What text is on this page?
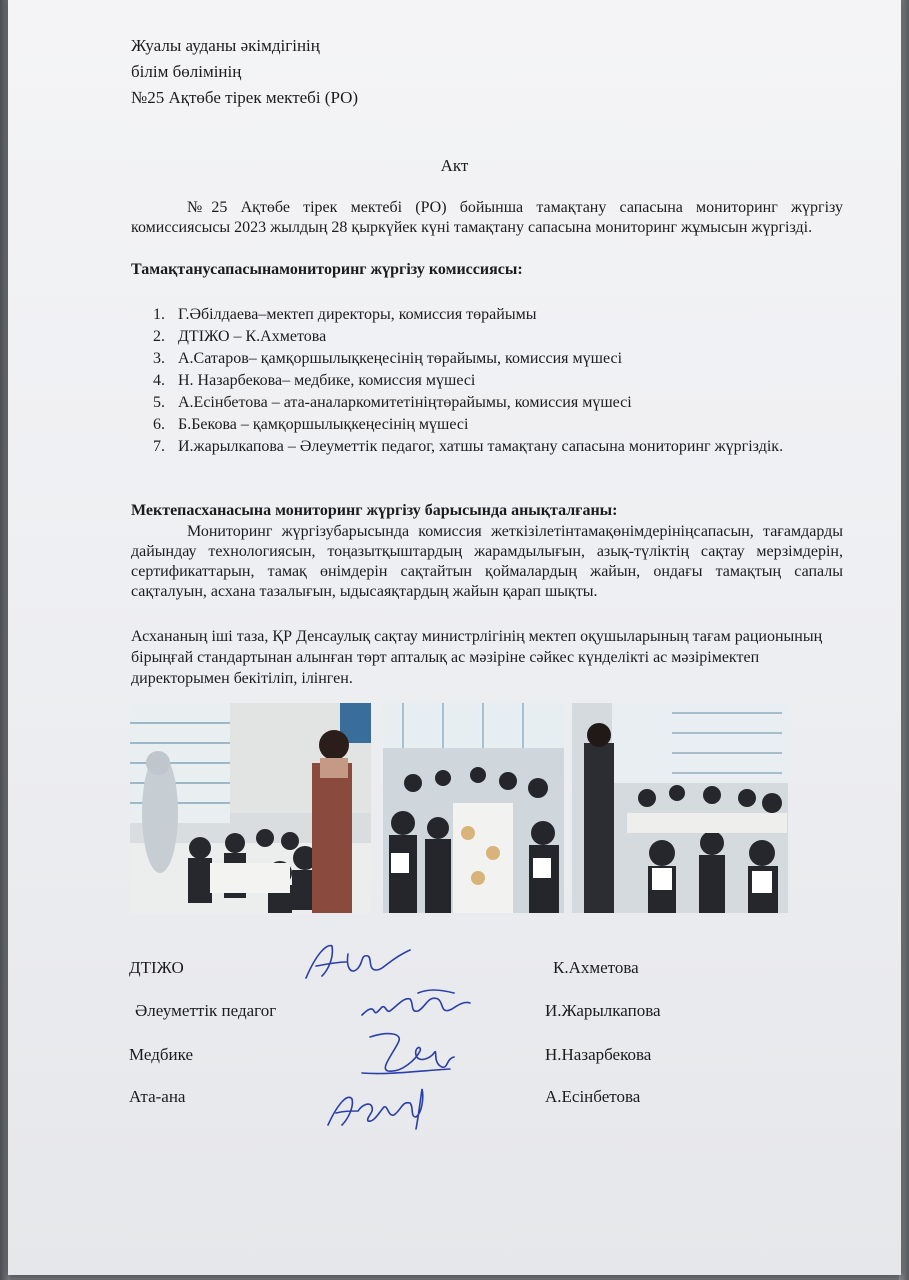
Жуалы ауданы әкімдігінің
білім бөлімінің
№25 Ақтөбе тірек мектебі (РО)
Акт
№25 Ақтөбе тірек мектебі (РО) бойынша тамақтану сапасына мониторинг жүргізу комиссиясысы 2023 жылдың 28 қыркүйек күні тамақтану сапасына мониторинг жұмысын жүргізді.
Тамақтанусапасынамониторинг жүргізу комиссиясы:
1. Г.Әбілдаева–мектеп директоры, комиссия төрайымы
2. ДТІЖО – К.Ахметова
3. А.Сатаров– қамқоршылықкеңесінің төрайымы, комиссия мүшесі
4. Н. Назарбекова– медбике, комиссия мүшесі
5. А.Есінбетова – ата-аналаркомитетініңтөрайымы, комиссия мүшесі
6. Б.Бекова – қамқоршылықкеңесінің мүшесі
7. И.жарылкапова – Әлеуметтік педагог, хатшы тамақтану сапасына мониторинг жүргіздік.
Мектепасханасына мониторинг жүргізу барысында анықталғаны:
Мониторинг жүргізубарысында комиссия жеткізілетінтамақөнімдерініңсапасын, тағамдарды дайындау технологиясын, тоңазытқыштардың жарамдылығын, азық-түліктің сақтау мерзімдерін, сертификаттарын, тамақ өнімдерін сақтайтын қоймалардың жайын, ондағы тамақтың сапалы сақталуын, асхана тазалығын, ыдысаяқтардың жайын қарап шықты.
Асхананың іші таза, ҚР Денсаулық сақтау министрлігінің мектеп оқушыларының тағам рационының бірыңғай стандартынан алынған төрт апталық ас мәзіріне сәйкес күнделікті ас мәзірімектеп директорымен бекітіліп, ілінген.
ДТІЖО	К.Ахметова
Әлеуметтік педагог	И.Жарылкапова
Медбике	Н.Назарбекова
Ата-ана	А.Есінбетова
